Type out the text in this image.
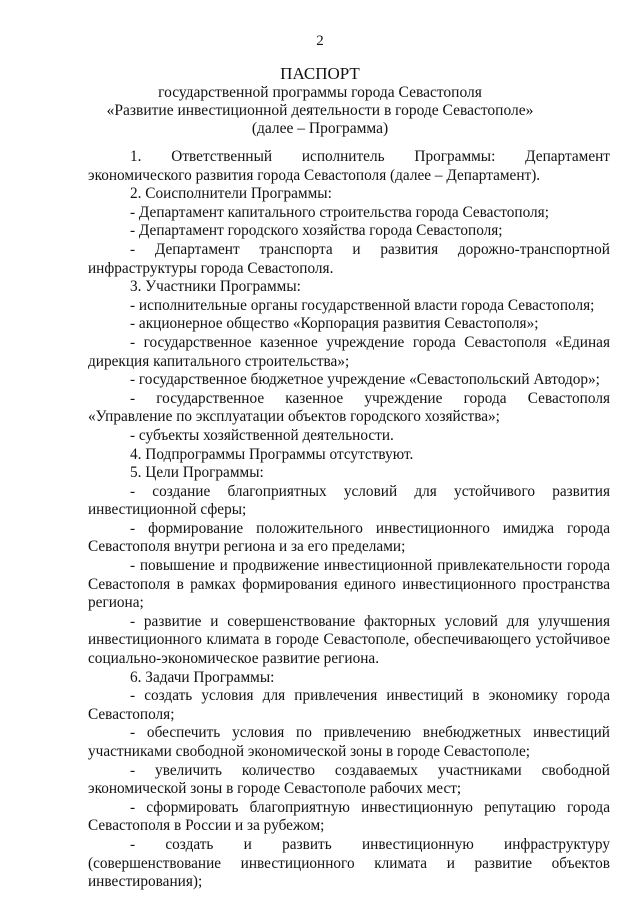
2

ПАСПОРТ

государственной программы города Севастополя

«Развитие инвестиционной деятельности в городе Севастополе»

(далее – Программа)

1. Ответственный исполнитель Программы: Департамент экономического развития города Севастополя (далее – Департамент).

2. Соисполнители Программы:

- Департамент капитального строительства города Севастополя;

- Департамент городского хозяйства города Севастополя;

- Департамент транспорта и развития дорожно-транспортной инфраструктуры города Севастополя.

3. Участники Программы:

- исполнительные органы государственной власти города Севастополя;

- акционерное общество «Корпорация развития Севастополя»;

- государственное казенное учреждение города Севастополя «Единая дирекция капитального строительства»;

- государственное бюджетное учреждение «Севастопольский Автодор»;

- государственное казенное учреждение города Севастополя «Управление по эксплуатации объектов городского хозяйства»;

- субъекты хозяйственной деятельности.

4. Подпрограммы Программы отсутствуют.

5. Цели Программы:

- создание благоприятных условий для устойчивого развития инвестиционной сферы;

- формирование положительного инвестиционного имиджа города Севастополя внутри региона и за его пределами;

- повышение и продвижение инвестиционной привлекательности города Севастополя в рамках формирования единого инвестиционного пространства региона;

- развитие и совершенствование факторных условий для улучшения инвестиционного климата в городе Севастополе, обеспечивающего устойчивое социально-экономическое развитие региона.

6. Задачи Программы:

- создать условия для привлечения инвестиций в экономику города Севастополя;

- обеспечить условия по привлечению внебюджетных инвестиций участниками свободной экономической зоны в городе Севастополе;

- увеличить количество создаваемых участниками свободной экономической зоны в городе Севастополе рабочих мест;

- сформировать благоприятную инвестиционную репутацию города Севастополя в России и за рубежом;

- создать и развить инвестиционную инфраструктуру (совершенствование инвестиционного климата и развитие объектов инвестирования);
